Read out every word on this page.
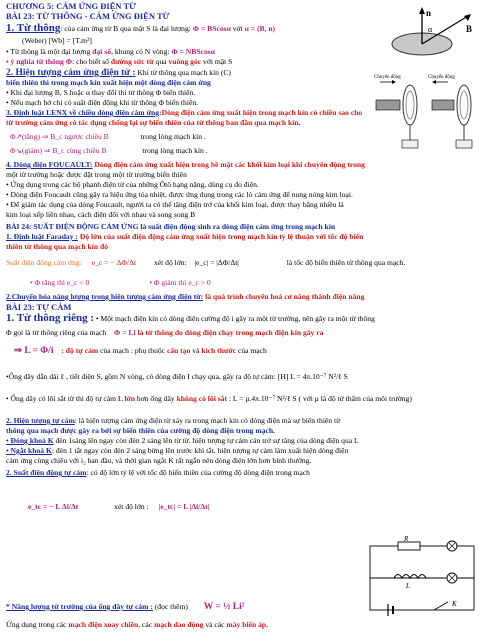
CHƯƠNG 5: CẢM ỨNG ĐIỆN TỪ
BÀI 23: TỪ THÔNG - CẢM ỨNG ĐIỆN TỪ
1. Từ thông: của cảm ứng từ B qua mặt S là đại lượng: Φ = BScosα với α = (B, n)
(Weber) [Wb] = [T.m²]
• Từ thông là một đại lượng đại số, khung có N vòng: Φ = NBScosα
• ý nghĩa từ thông Φ: cho biết số đường sức từ qua vuông góc với mặt S
2. Hiện tượng cảm ứng điện từ : Khi từ thông qua mạch kín (C)
biến thiên thì trong mạch kín xuất hiện một dòng điện cảm ứng
• Khi đại lượng B, S hoặc α thay đổi thì từ thông Φ biến thiên.
• Nếu mạch hở chỉ có suất điện động khi từ thông Φ biến thiên.
3. Định luật LENX về chiều dòng điện cảm ứng:Dòng điện cảm ứng xuất hiện trong mạch kín có chiều sao cho
từ trường cảm ứng có tác dụng chống lại sự biến thiên của từ thông ban đầu qua mạch kín.
Φ↗(tăng) ⇒ B_c ngược chiều B	trong lòng mạch kín .
Φ↘(giảm) ⇒ B_c cùng chiều B	trong lòng mạch kín .
4. Dòng điện FOUCAULT: Dòng điện cảm ứng xuất hiện trong bề mặt các khối kim loại khi chuyển động trong
một từ trường hoặc được đặt trong một từ trường biến thiên
• Ứng dụng trong các bộ phanh điện từ của những Ôtô hạng nặng, dùng cụ đo điện.
• Dòng điện Foucault cũng gây ra hiệu ứng tỏa nhiệt, được ứng dụng trong các lò cảm ứng để nung nóng kim loại.
• Để giảm tác dụng của dòng Foucault, người ta có thể tăng điện trở của khối kim loại, được thay bằng nhiều lá
kim loại xếp liền nhau, cách điện đối với nhau và song song B
BÀI 24: SUẤT ĐIỆN ĐỘNG CẢM ỨNG là suất điện động sinh ra dòng điện cảm ứng trong mạch kín
1. Định luật Faraday : Độ lớn của suất điện động cảm ứng xuất hiện trong mạch kín tỷ lệ thuận với tốc độ biến
thiên từ thông qua mạch kín đó
Suất điện động cảm ứng: e_c = − ΔΦ/Δt xét độ lớn: |e_c| = |ΔΦ/Δt|	là tốc độ biến thiên từ thông qua mạch.
• Φ tăng thì e_c < 0	• Φ giảm thì e_c > 0
2.Chuyển hóa năng lượng trong hiện tượng cảm ứng điện từ: là quá trình chuyển hoá cơ năng thành điện năng
BÀI 23: TỰ CẢM
1. Từ thông riêng : • Một mạch điện kín có dòng điện cường độ i gây ra một từ trường, nên gây ra một từ thông
Φ gọi là từ thông riêng của mạch Φ = Li là từ thông do dòng điện chạy trong mạch điện kín gây ra
⇒ L = Φ/i : độ tự cảm của mạch : phụ thuộc cấu tạo và kích thước của mạch
•Ống dây dẫn dài ℓ , tiết diện S, gồm N vòng, có dòng điện I chạy qua, gây ra độ tự cảm: [H] L = 4π.10⁻⁷ N²/ℓ S
• Ống dây có lõi sắt từ thì độ tự cảm L lớn hơn ống dây không có lõi sắt : L = μ.4π.10⁻⁷ N²/ℓ S ( với μ là độ từ thẩm của môi trường)
2. Hiện tượng tự cảm: là hiện tượng cảm ứng điện từ xảy ra trong mạch kín có dòng điện mà sự biến thiên từ
thông qua mạch được gây ra bởi sự biến thiên của cường độ dòng điện trong mạch.
• Đóng khoá K đèn 1sáng lên ngay còn đèn 2 sáng lên từ từ. hiện tượng tự cảm cản trở sự tăng của dòng điện qua L
• Ngắt khoá K: đèn 1 tắt ngay còn đèn 2 sáng bừng lên trước khi tắt, hiện tượng tự cảm làm xuất hiện dòng điện
cảm ứng cùng chiều với i₂ ban đầu, và thời gian ngắt K rất ngắn nên dòng điện lớn hơn bình thường.
2. Suất điện động tự cảm: có độ lớn tỷ lệ với tốc độ biến thiên của cường độ dòng điện trong mạch
e_tc = − L Δi/Δt	xét độ lớn : |e_tc| = L |Δi/Δt|
* Năng lượng từ trường của ống dây tự cảm : (đọc thêm) W = ½ Li²
Ứng dụng trong các mạch điện xoay chiều, các mạch dao động và các máy biến áp,
n
B
α
Chuyển động	Chuyển động
R
L
K
